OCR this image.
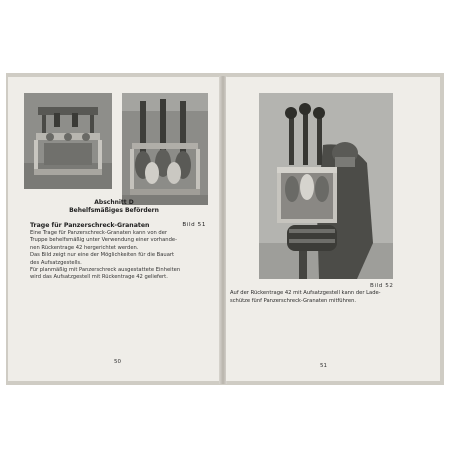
Abschnitt D
Behelfsmäßiges Befördern
Trage für Panzerschreck-Granaten	Bild 51
Eine Trage für Panzerschreck-Granaten kann von der
Truppe behelfsmäßig unter Verwendung einer vorhande-
nen Rückentrage 42 hergerichtet werden.
Das Bild zeigt nur eine der Möglichkeiten für die Bauart
des Aufsatzgestells.
Für planmäßig mit Panzerschreck ausgestattete Einheiten
wird das Aufsatzgestell mit Rückentrage 42 geliefert.
50
Bild 52
Auf der Rückentrage 42 mit Aufsatzgestell kann der Lade-
schütze fünf Panzerschreck-Granaten mitführen.
51
